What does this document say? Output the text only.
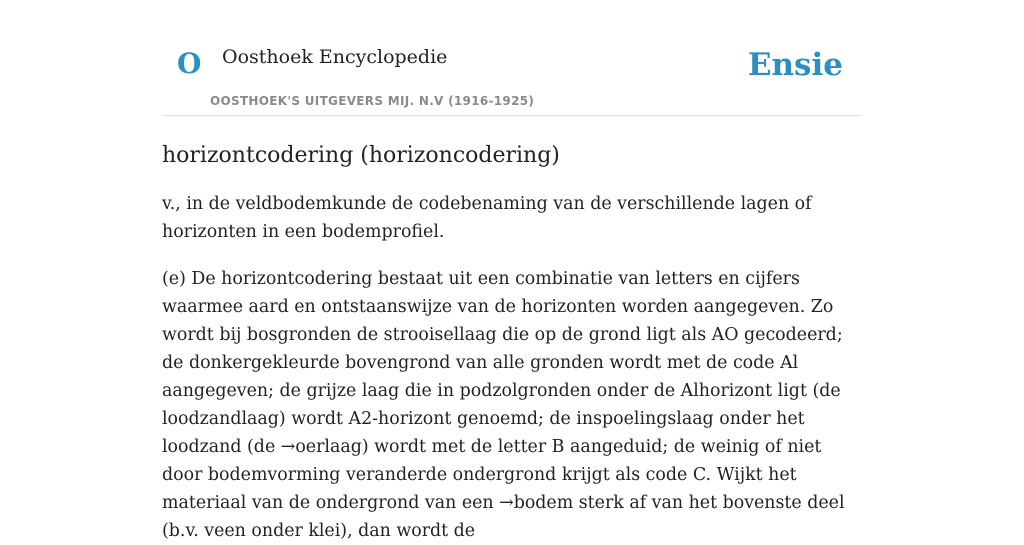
O Oosthoek Encyclopedie
OOSTHOEK'S UITGEVERS MIJ. N.V (1916-1925)
Ensie
horizontcodering (horizoncodering)

v., in de veldbodemkunde de codebenaming van de verschillende lagen of horizonten in een bodemprofiel.

(e) De horizontcodering bestaat uit een combinatie van letters en cijfers waarmee aard en ontstaanswijze van de horizonten worden aangegeven. Zo wordt bij bosgronden de strooisellaag die op de grond ligt als AO gecodeerd; de donkergekleurde bovengrond van alle gronden wordt met de code Al aangegeven; de grijze laag die in podzolgronden onder de Alhorizont ligt (de loodzandlaag) wordt A2-horizont genoemd; de inspoelingslaag onder het loodzand (de →oerlaag) wordt met de letter B aangeduid; de weinig of niet door bodemvorming veranderde ondergrond krijgt als code C. Wijkt het materiaal van de ondergrond van een →bodem sterk af van het bovenste deel (b.v. veen onder klei), dan wordt de
